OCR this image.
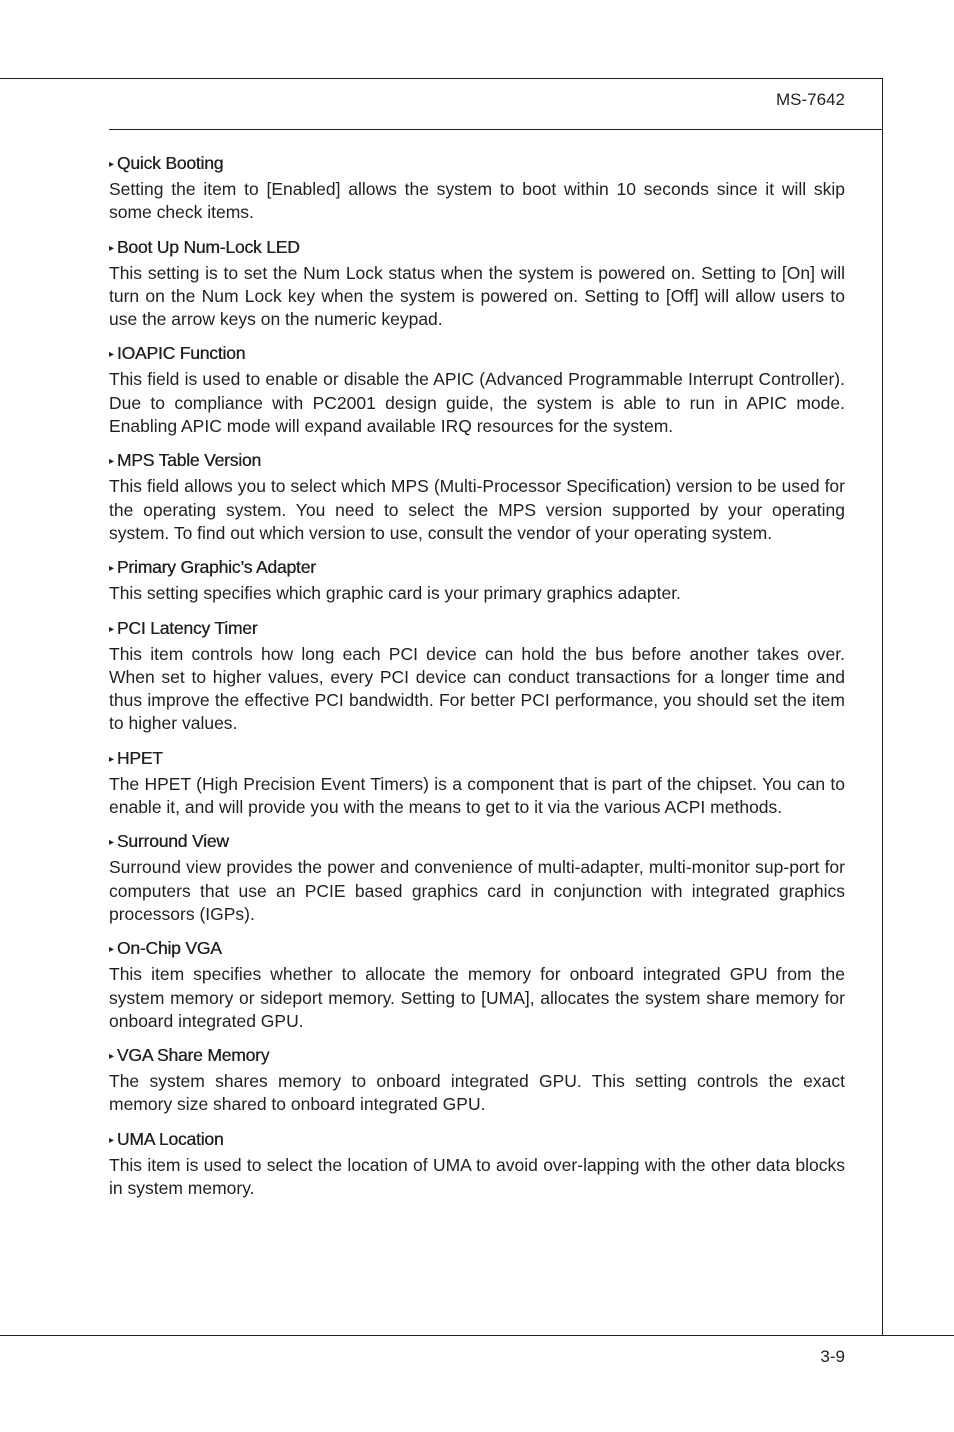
MS-7642
▸ Quick Booting

Setting the item to [Enabled] allows the system to boot within 10 seconds since it will skip some check items.

▸ Boot Up Num-Lock LED

This setting is to set the Num Lock status when the system is powered on. Setting to [On] will turn on the Num Lock key when the system is powered on. Setting to [Off] will allow users to use the arrow keys on the numeric keypad.

▸ IOAPIC Function

This field is used to enable or disable the APIC (Advanced Programmable Interrupt Controller). Due to compliance with PC2001 design guide, the system is able to run in APIC mode. Enabling APIC mode will expand available IRQ resources for the system.

▸ MPS Table Version

This field allows you to select which MPS (Multi-Processor Specification) version to be used for the operating system. You need to select the MPS version supported by your operating system. To find out which version to use, consult the vendor of your operating system.

▸ Primary Graphic’s Adapter

This setting specifies which graphic card is your primary graphics adapter.

▸ PCI Latency Timer

This item controls how long each PCI device can hold the bus before another takes over. When set to higher values, every PCI device can conduct transactions for a longer time and thus improve the effective PCI bandwidth. For better PCI performance, you should set the item to higher values.

▸ HPET

The HPET (High Precision Event Timers) is a component that is part of the chipset. You can to enable it, and will provide you with the means to get to it via the various ACPI methods.

▸ Surround View

Surround view provides the power and convenience of multi-adapter, multi-monitor sup-port for computers that use an PCIE based graphics card in conjunction with integrated graphics processors (IGPs).

▸ On-Chip VGA

This item specifies whether to allocate the memory for onboard integrated GPU from the system memory or sideport memory. Setting to [UMA], allocates the system share memory for onboard integrated GPU.

▸ VGA Share Memory

The system shares memory to onboard integrated GPU. This setting controls the exact memory size shared to onboard integrated GPU.

▸ UMA Location

This item is used to select the location of UMA to avoid over-lapping with the other data blocks in system memory.

3-9
